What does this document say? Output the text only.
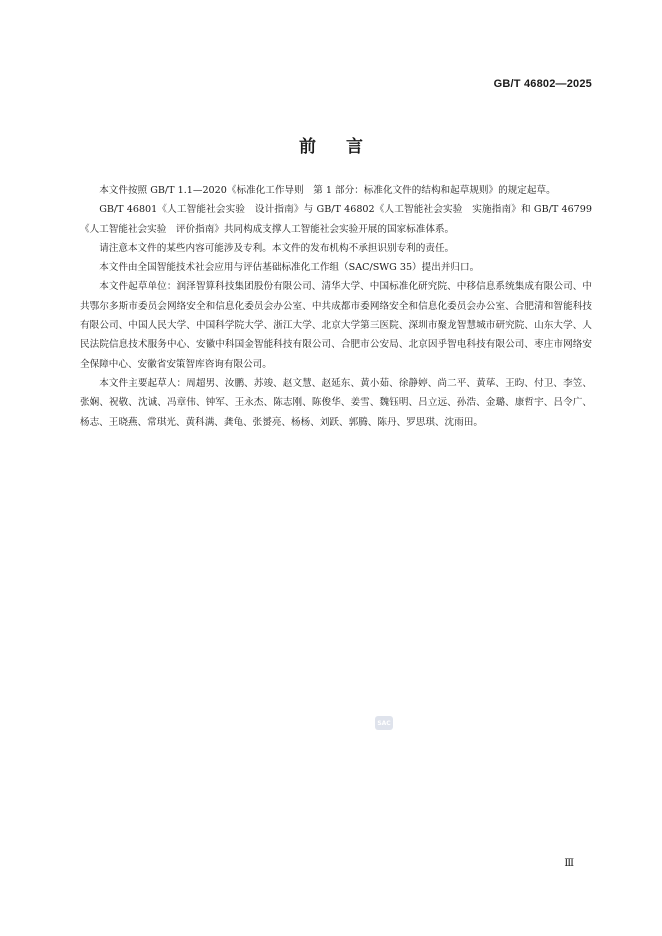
GB/T 46802—2025
前言

本文件按照 GB/T 1.1—2020《标准化工作导则　第 1 部分：标准化文件的结构和起草规则》的规定起草。

GB/T 46801《人工智能社会实验　设计指南》与 GB/T 46802《人工智能社会实验　实施指南》和 GB/T 46799《人工智能社会实验　评价指南》共同构成支撑人工智能社会实验开展的国家标准体系。

请注意本文件的某些内容可能涉及专利。本文件的发布机构不承担识别专利的责任。

本文件由全国智能技术社会应用与评估基础标准化工作组（SAC/SWG 35）提出并归口。

本文件起草单位：润泽智算科技集团股份有限公司、清华大学、中国标准化研究院、中移信息系统集成有限公司、中共鄂尔多斯市委员会网络安全和信息化委员会办公室、中共成都市委网络安全和信息化委员会办公室、合肥清和智能科技有限公司、中国人民大学、中国科学院大学、浙江大学、北京大学第三医院、深圳市聚龙智慧城市研究院、山东大学、人民法院信息技术服务中心、安徽中科国金智能科技有限公司、合肥市公安局、北京因乎智电科技有限公司、枣庄市网络安全保障中心、安徽省安策智库咨询有限公司。

本文件主要起草人：周超男、汝鹏、苏竣、赵文慧、赵延东、黄小茹、徐静婷、尚二平、黄荜、王昀、付卫、李笠、张娴、祝敬、沈诚、冯章伟、钟军、王永杰、陈志刚、陈俊华、姜雪、魏钰明、吕立远、孙浩、金璐、康哲宇、吕令广、杨志、王晓燕、常琪光、黄科满、龚龟、张赟亮、杨杨、刘跃、郭腾、陈丹、罗思琪、沈雨田。

SAC
Ⅲ
